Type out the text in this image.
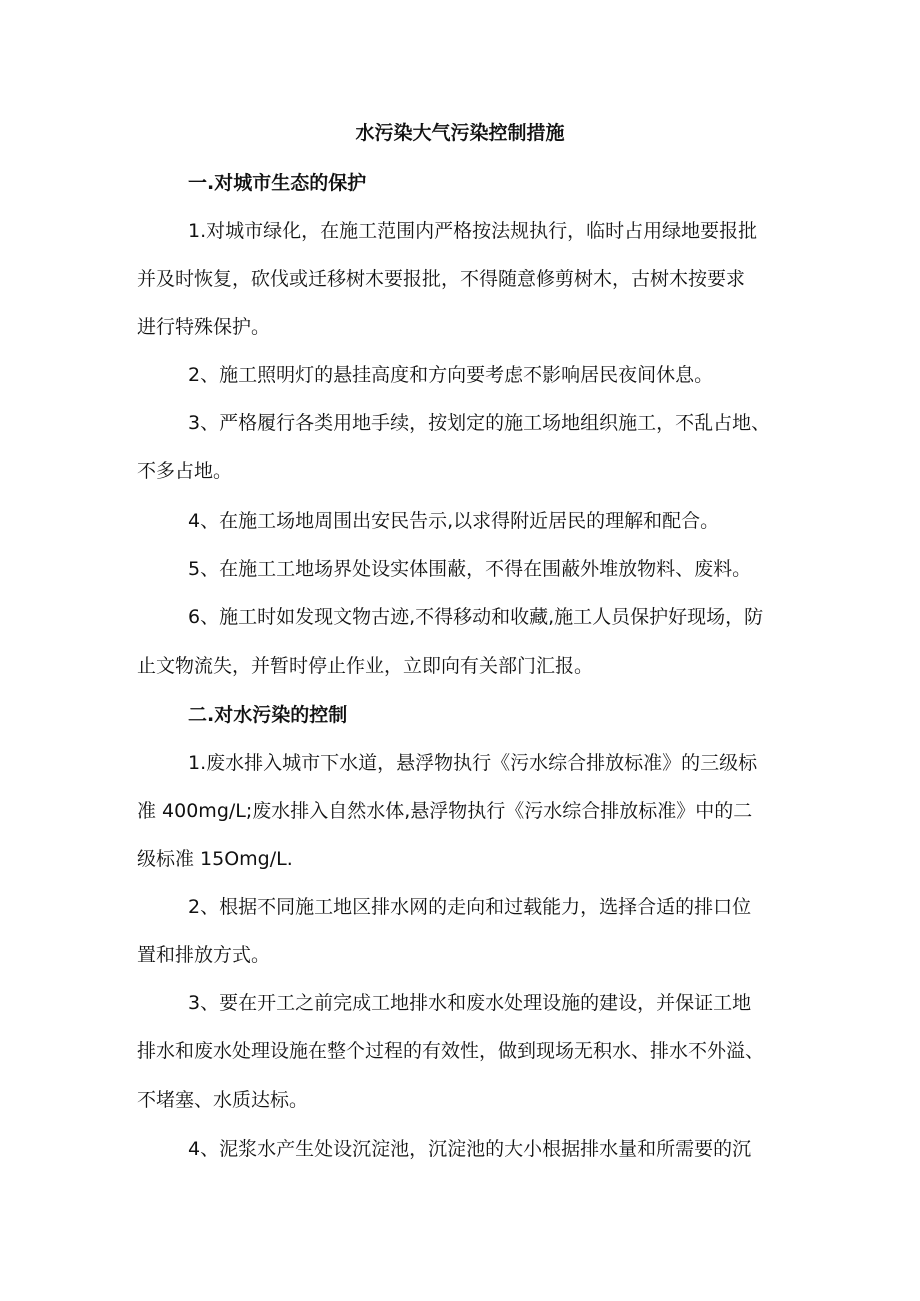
水污染大气污染控制措施
一.对城市生态的保护
1.对城市绿化，在施工范围内严格按法规执行，临时占用绿地要报批
并及时恢复，砍伐或迁移树木要报批，不得随意修剪树木，古树木按要求
进行特殊保护。
2、施工照明灯的悬挂高度和方向要考虑不影响居民夜间休息。
3、严格履行各类用地手续，按划定的施工场地组织施工，不乱占地、
不多占地。
4、在施工场地周围出安民告示,以求得附近居民的理解和配合。
5、在施工工地场界处设实体围蔽，不得在围蔽外堆放物料、废料。
6、施工时如发现文物古迹,不得移动和收藏,施工人员保护好现场，防
止文物流失，并暂时停止作业，立即向有关部门汇报。
二.对水污染的控制
1.废水排入城市下水道，悬浮物执行《污水综合排放标准》的三级标
准 400mg/L;废水排入自然水体,悬浮物执行《污水综合排放标准》中的二
级标准 15Omg/L.
2、根据不同施工地区排水网的走向和过载能力，选择合适的排口位
置和排放方式。
3、要在开工之前完成工地排水和废水处理设施的建设，并保证工地
排水和废水处理设施在整个过程的有效性，做到现场无积水、排水不外溢、
不堵塞、水质达标。
4、泥浆水产生处设沉淀池，沉淀池的大小根据排水量和所需要的沉
